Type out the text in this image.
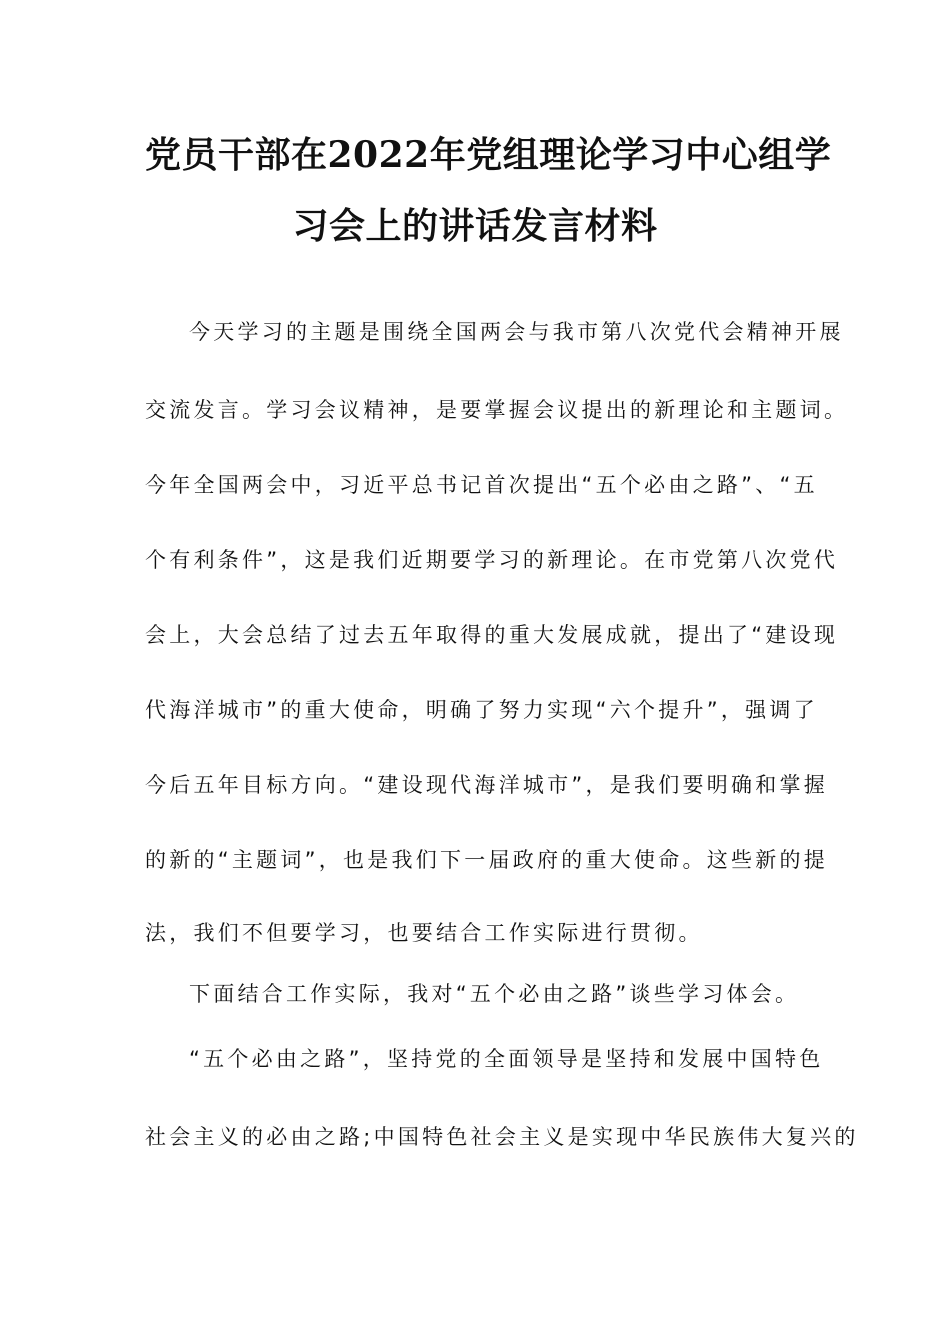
党员干部在2022年党组理论学习中心组学
习会上的讲话发言材料
今天学习的主题是围绕全国两会与我市第八次党代会精神开展
交流发言。学习会议精神，是要掌握会议提出的新理论和主题词。
今年全国两会中，习近平总书记首次提出“五个必由之路”、“五
个有利条件”，这是我们近期要学习的新理论。在市党第八次党代
会上，大会总结了过去五年取得的重大发展成就，提出了“建设现
代海洋城市”的重大使命，明确了努力实现“六个提升”，强调了
今后五年目标方向。“建设现代海洋城市”，是我们要明确和掌握
的新的“主题词”，也是我们下一届政府的重大使命。这些新的提
法，我们不但要学习，也要结合工作实际进行贯彻。
下面结合工作实际，我对“五个必由之路”谈些学习体会。
“五个必由之路”，坚持党的全面领导是坚持和发展中国特色
社会主义的必由之路;中国特色社会主义是实现中华民族伟大复兴的
